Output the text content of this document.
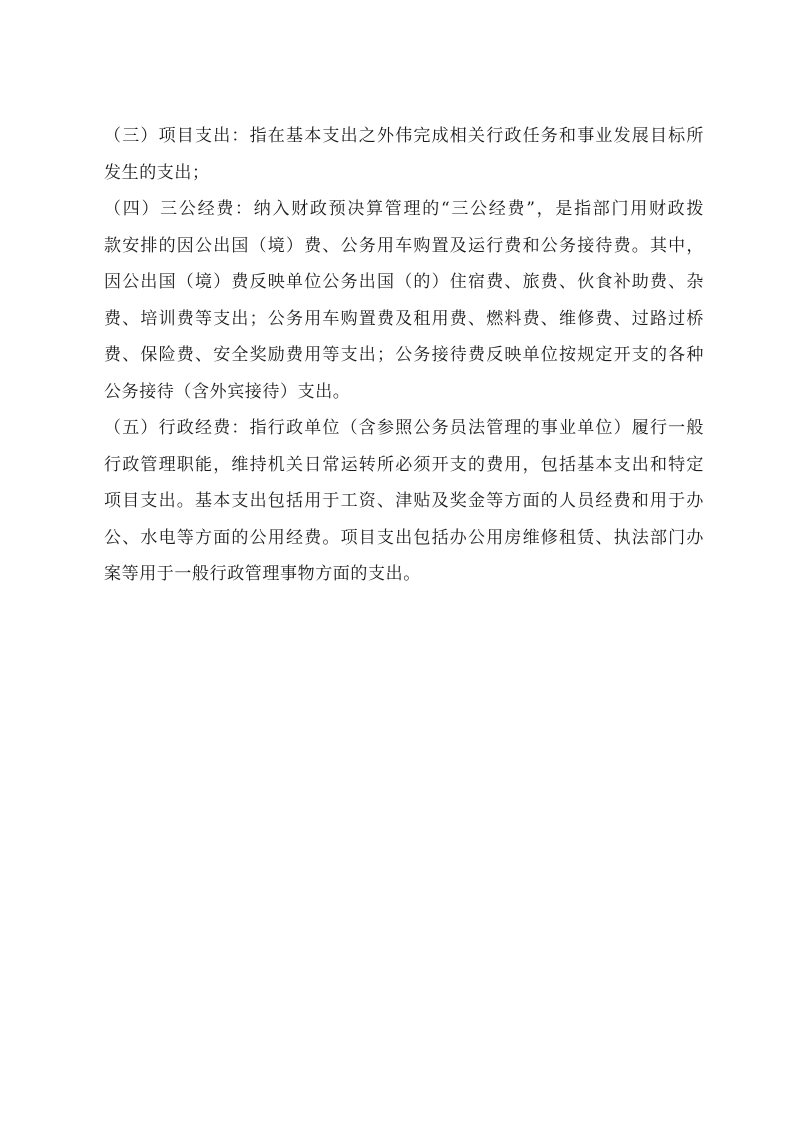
（三）项目支出：指在基本支出之外伟完成相关行政任务和事业发展目标所
发生的支出；
（四）三公经费：纳入财政预决算管理的“三公经费”，是指部门用财政拨
款安排的因公出国（境）费、公务用车购置及运行费和公务接待费。其中，
因公出国（境）费反映单位公务出国（的）住宿费、旅费、伙食补助费、杂
费、培训费等支出；公务用车购置费及租用费、燃料费、维修费、过路过桥
费、保险费、安全奖励费用等支出；公务接待费反映单位按规定开支的各种
公务接待（含外宾接待）支出。
（五）行政经费：指行政单位（含参照公务员法管理的事业单位）履行一般
行政管理职能，维持机关日常运转所必须开支的费用，包括基本支出和特定
项目支出。基本支出包括用于工资、津贴及奖金等方面的人员经费和用于办
公、水电等方面的公用经费。项目支出包括办公用房维修租赁、执法部门办
案等用于一般行政管理事物方面的支出。
